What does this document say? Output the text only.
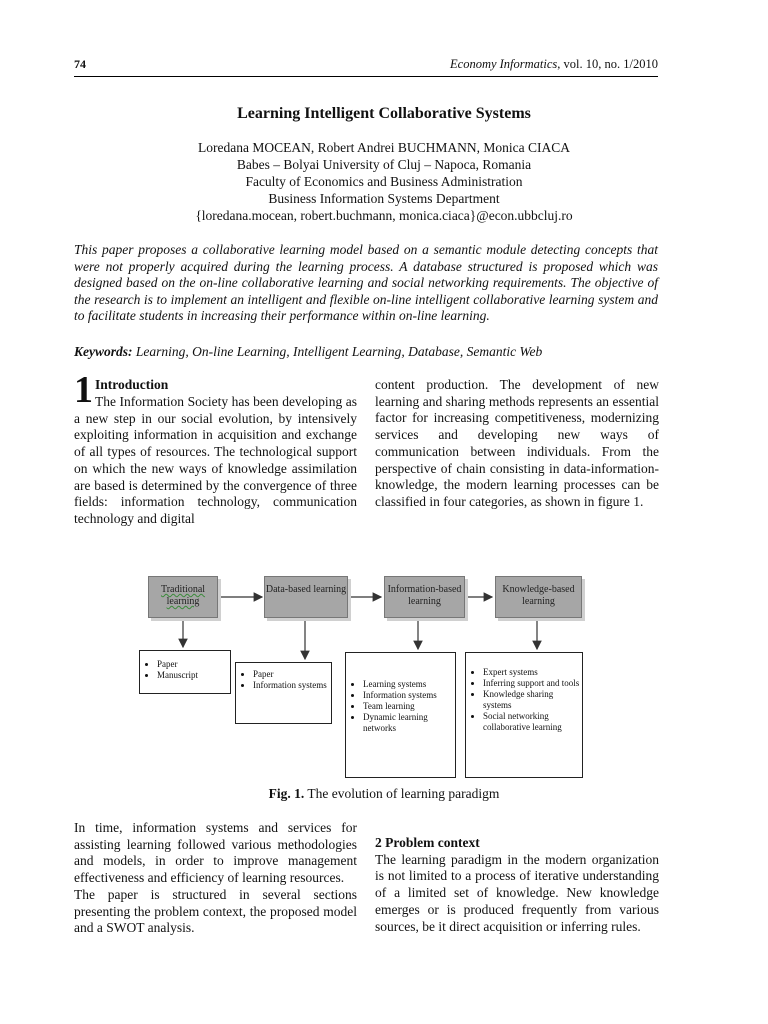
74	Economy Informatics, vol. 10, no. 1/2010
Learning Intelligent Collaborative Systems
Loredana MOCEAN, Robert Andrei BUCHMANN, Monica CIACA
Babes – Bolyai University of Cluj – Napoca, Romania
Faculty of Economics and Business Administration
Business Information Systems Department
{loredana.mocean, robert.buchmann, monica.ciaca}@econ.ubbcluj.ro
This paper proposes a collaborative learning model based on a semantic module detecting concepts that were not properly acquired during the learning process. A database structured is proposed which was designed based on the on-line collaborative learning and social networking requirements. The objective of the research is to implement an intelligent and flexible on-line intelligent collaborative learning system and to facilitate students in increasing their performance within on-line learning.
Keywords: Learning, On-line Learning, Intelligent Learning, Database, Semantic Web
1 Introduction

The Information Society has been developing as a new step in our social evolution, by intensively exploiting information in acquisition and exchange of all types of resources. The technological support on which the new ways of knowledge assimilation are based is determined by the convergence of three fields: information technology, communication technology and digital

content production. The development of new learning and sharing methods represents an essential factor for increasing competitiveness, modernizing services and developing new ways of communication between individuals. From the perspective of chain consisting in data-information-knowledge, the modern learning processes can be classified in four categories, as shown in figure 1.

Traditional learning
Data-based learning	Information-based learning
Knowledge-based learning
• Paper
• Manuscript	• Paper
• Information systems	• Learning systems
• Information systems
• Team learning
• Dynamic learning networks
• Expert systems
• Inferring support and tools
• Knowledge sharing systems
• Social networking collaborative learning
Fig. 1. The evolution of learning paradigm

In time, information systems and services for assisting learning followed various methodologies and models, in order to improve management effectiveness and efficiency of learning resources.

The paper is structured in several sections presenting the problem context, the proposed model and a SWOT analysis.

2 Problem context

The learning paradigm in the modern organization is not limited to a process of iterative understanding of a limited set of knowledge. New knowledge emerges or is produced frequently from various sources, be it direct acquisition or inferring rules.
